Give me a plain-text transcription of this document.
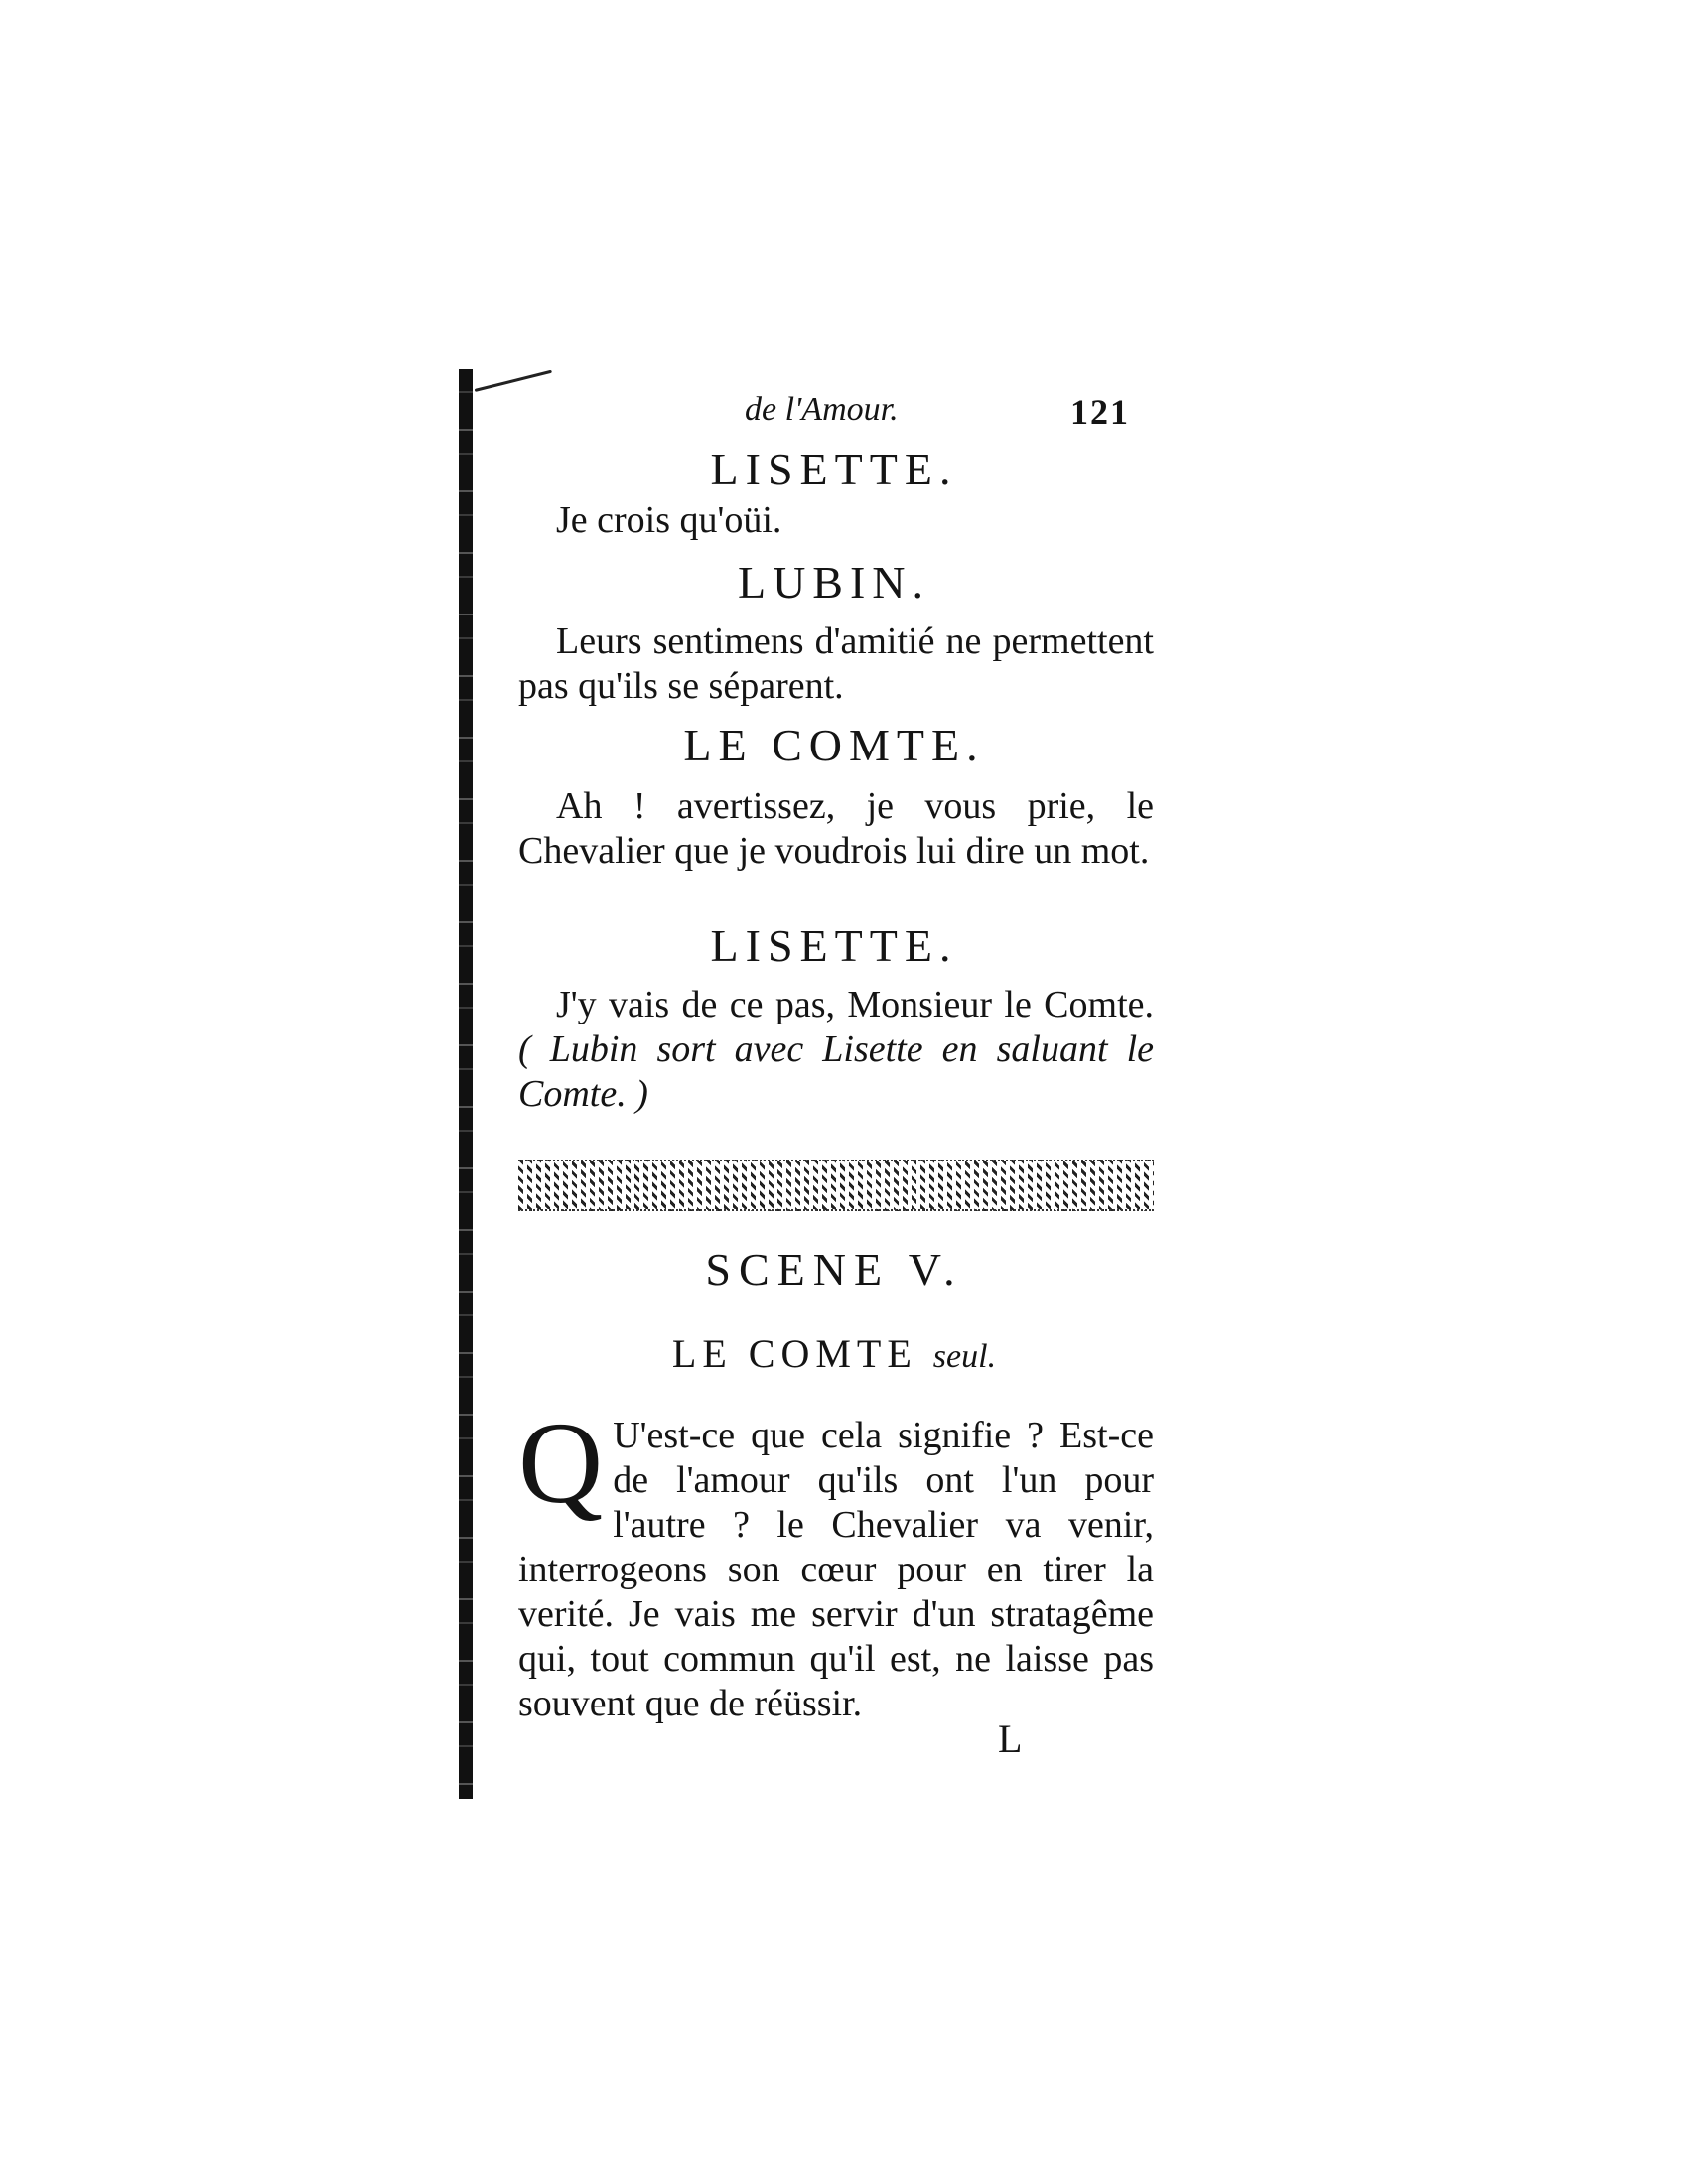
de l'Amour.	121
LISETTE.
Je crois qu'oüi.
LUBIN.
Leurs sentimens d'amitié ne permettent pas qu'ils se séparent.
LE COMTE.
Ah ! avertissez, je vous prie, le Chevalier que je voudrois lui dire un mot.
LISETTE.
J'y vais de ce pas, Monsieur le Comte. ( Lubin sort avec Lisette en saluant le Comte. )
SCENE V.
LE COMTE seul.
Q U'est-ce que cela signifie ? Est-ce de l'amour qu'ils ont l'un pour l'autre ? le Chevalier va venir, interrogeons son cœur pour en tirer la verité. Je vais me servir d'un stratagême qui, tout commun qu'il est, ne laisse pas souvent que de réüssir.
L
